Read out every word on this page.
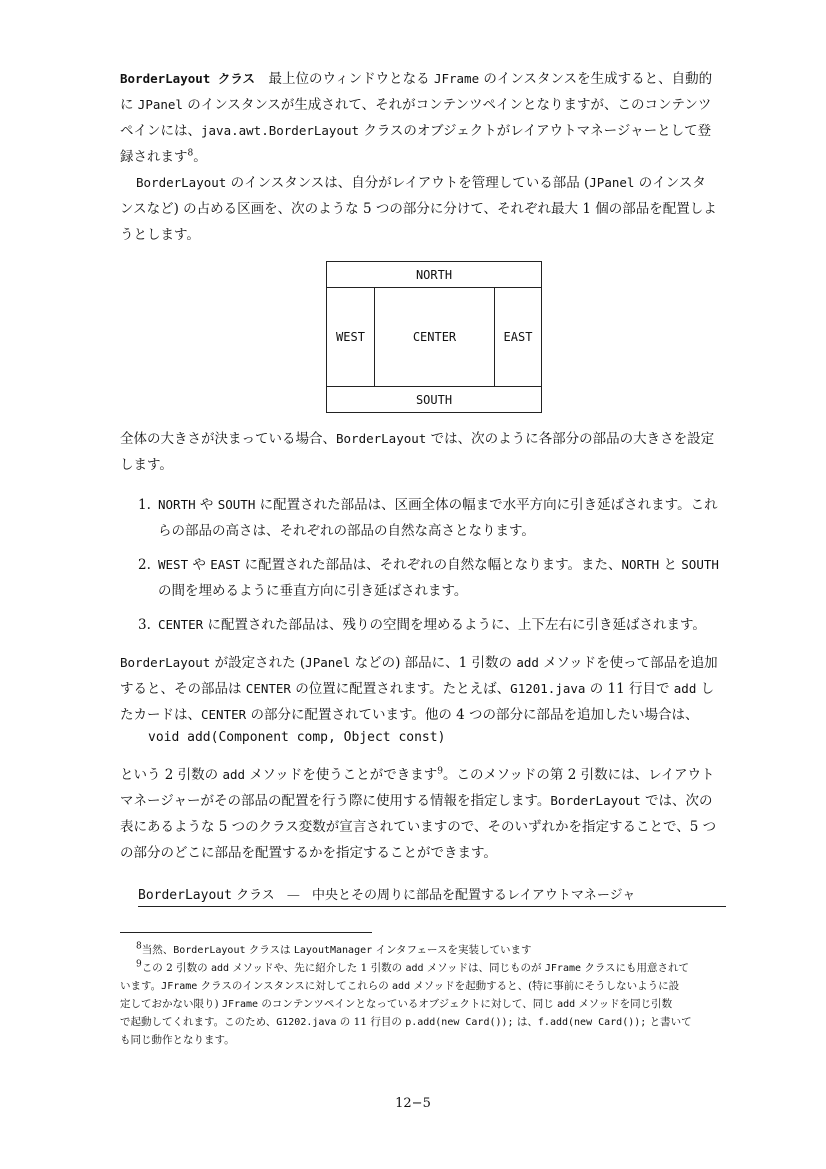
BorderLayout クラス　最上位のウィンドウとなる JFrame のインスタンスを生成すると、自動的
に JPanel のインスタンスが生成されて、それがコンテンツペインとなりますが、このコンテンツ
ペインには、java.awt.BorderLayout クラスのオブジェクトがレイアウトマネージャーとして登
録されます$^8$。
BorderLayout のインスタンスは、自分がレイアウトを管理している部品 (JPanel のインスタ
ンスなど) の占める区画を、次のような 5 つの部分に分けて、それぞれ最大 1 個の部品を配置しよ
うとします。
NORTH
WEST	CENTER	EAST
SOUTH
全体の大きさが決まっている場合、BorderLayout では、次のように各部分の部品の大きさを設定
します。
1. NORTH や SOUTH に配置された部品は、区画全体の幅まで水平方向に引き延ばされます。これ
らの部品の高さは、それぞれの部品の自然な高さとなります。
2. WEST や EAST に配置された部品は、それぞれの自然な幅となります。また、NORTH と SOUTH
の間を埋めるように垂直方向に引き延ばされます。
3. CENTER に配置された部品は、残りの空間を埋めるように、上下左右に引き延ばされます。
BorderLayout が設定された (JPanel などの) 部品に、1 引数の add メソッドを使って部品を追加
すると、その部品は CENTER の位置に配置されます。たとえば、G1201.java の 11 行目で add し
たカードは、CENTER の部分に配置されています。他の 4 つの部分に部品を追加したい場合は、
void add(Component comp, Object const)
という 2 引数の add メソッドを使うことができます$^9$。このメソッドの第 2 引数には、レイアウト
マネージャーがその部品の配置を行う際に使用する情報を指定します。BorderLayout では、次の
表にあるような 5 つのクラス変数が宣言されていますので、そのいずれかを指定することで、5 つ
の部分のどこに部品を配置するかを指定することができます。
BorderLayout クラス — 中央とその周りに部品を配置するレイアウトマネージャ
$^8$当然、BorderLayout クラスは LayoutManager インタフェースを実装しています
$^9$この 2 引数の add メソッドや、先に紹介した 1 引数の add メソッドは、同じものが JFrame クラスにも用意されて
います。JFrame クラスのインスタンスに対してこれらの add メソッドを起動すると、(特に事前にそうしないように設
定しておかない限り) JFrame のコンテンツペインとなっているオブジェクトに対して、同じ add メソッドを同じ引数
で起動してくれます。このため、G1202.java の 11 行目の p.add(new Card()); は、f.add(new Card()); と書いて
も同じ動作となります。
12−5
